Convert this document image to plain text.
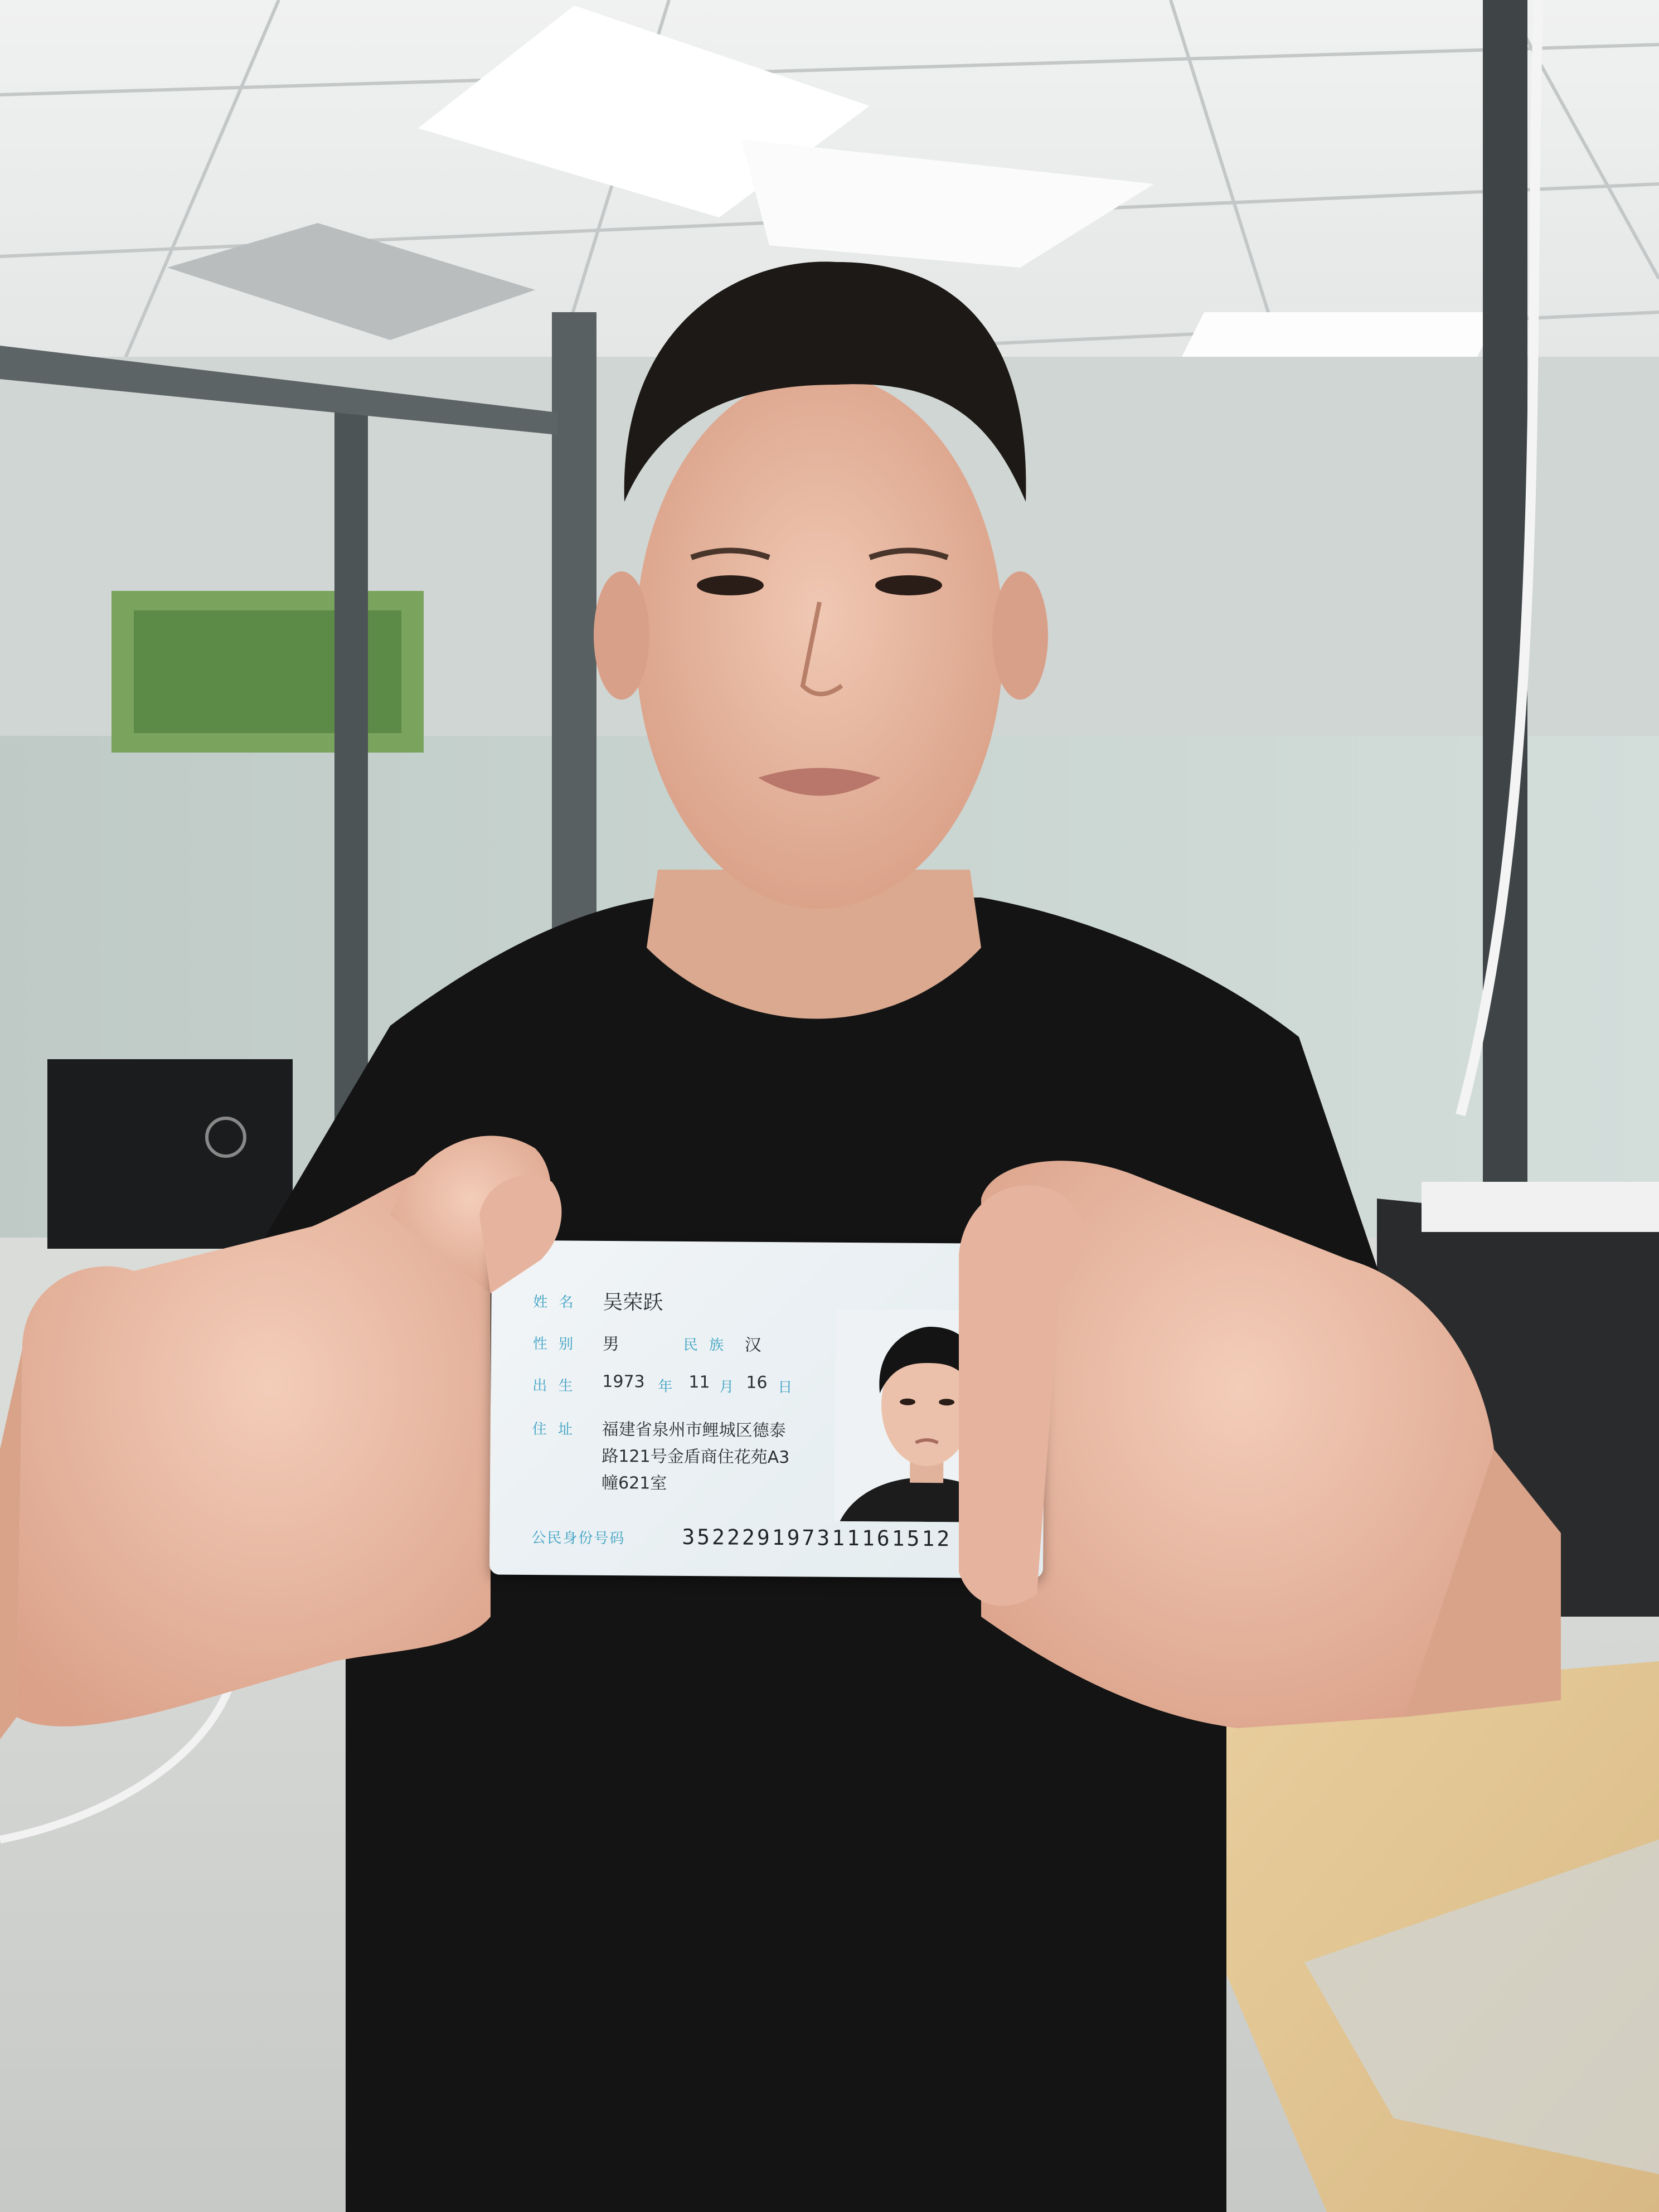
姓 名 吴荣跃
性 别 男	民 族 汉
出 生 1973 年 11 月 16 日
住 址 福建省泉州市鲤城区德泰
路121号金盾商住花苑A3
幢621室
公民身份号码	352229197311161512
